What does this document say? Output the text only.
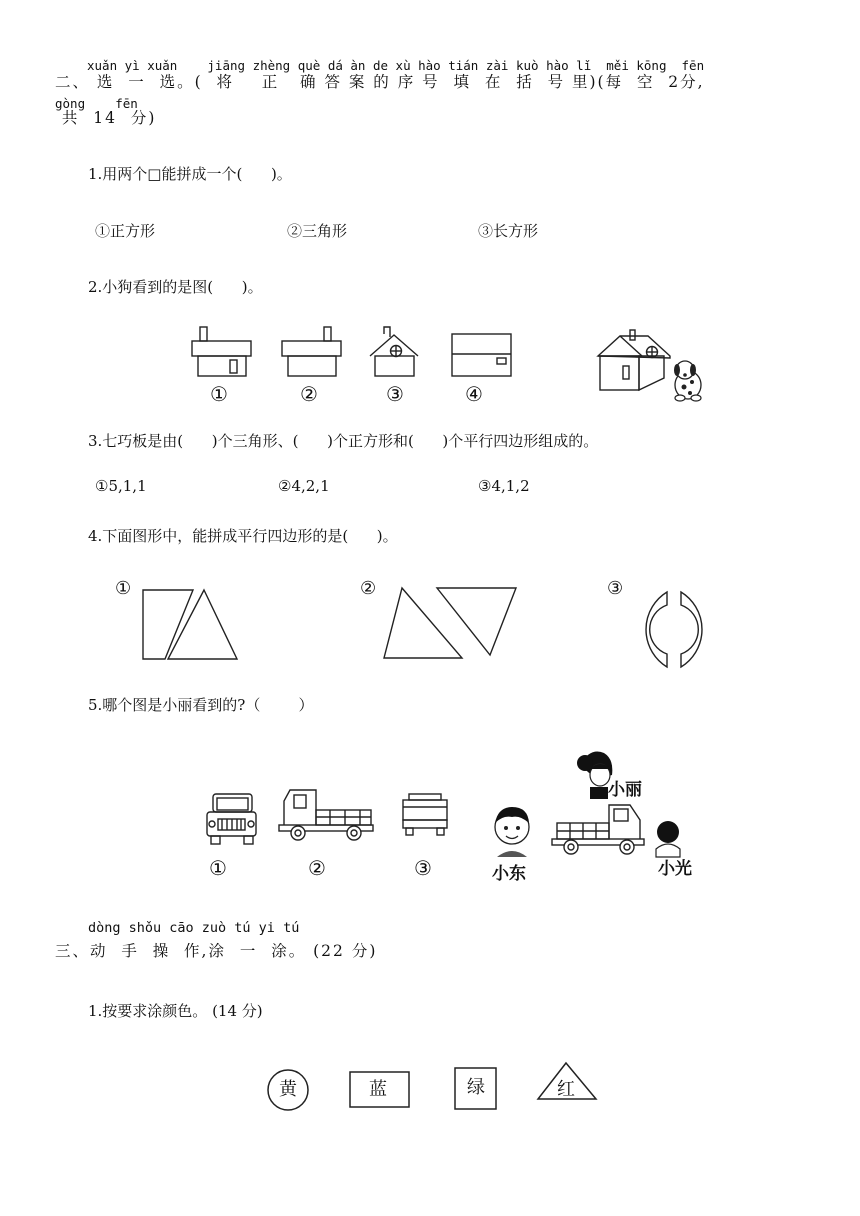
xuǎn yì xuǎn    jiāng zhèng què dá àn de xù hào tián zài kuò hào lǐ  měi kōng  fēn
二、 选  一  选。(  将    正   确 答 案 的 序 号  填  在  括  号 里)(每  空  2分,
gòng    fēn
共  14  分)
1.用两个□能拼成一个(      )。
①正方形	②三角形	③长方形
2.小狗看到的是图(      )。
①	②	③	④
3.七巧板是由(      )个三角形、(      )个正方形和(      )个平行四边形组成的。
①5,1,1	②4,2,1	③4,1,2
4.下面图形中，能拼成平行四边形的是(      )。
①	②	③
5.哪个图是小丽看到的?（        ）
小丽
小东	小光
①	②	③
dòng shǒu cāo zuò tú yi tú
三、动  手  操  作,涂  一  涂。 (22 分)
1.按要求涂颜色。 (14 分)
黄	蓝	绿	红
